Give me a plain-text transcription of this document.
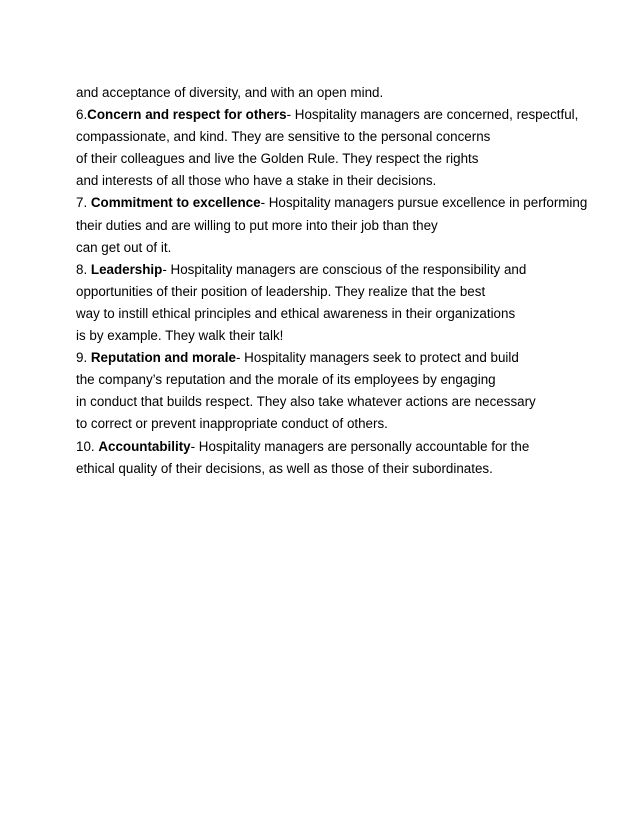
and acceptance of diversity, and with an open mind.
6.Concern and respect for others- Hospitality managers are concerned, respectful,
compassionate, and kind. They are sensitive to the personal concerns
of their colleagues and live the Golden Rule. They respect the rights
and interests of all those who have a stake in their decisions.
7. Commitment to excellence- Hospitality managers pursue excellence in performing
their duties and are willing to put more into their job than they
can get out of it.
8. Leadership- Hospitality managers are conscious of the responsibility and
opportunities of their position of leadership. They realize that the best
way to instill ethical principles and ethical awareness in their organizations
is by example. They walk their talk!
9. Reputation and morale- Hospitality managers seek to protect and build
the company’s reputation and the morale of its employees by engaging
in conduct that builds respect. They also take whatever actions are necessary
to correct or prevent inappropriate conduct of others.
10. Accountability- Hospitality managers are personally accountable for the
ethical quality of their decisions, as well as those of their subordinates.
